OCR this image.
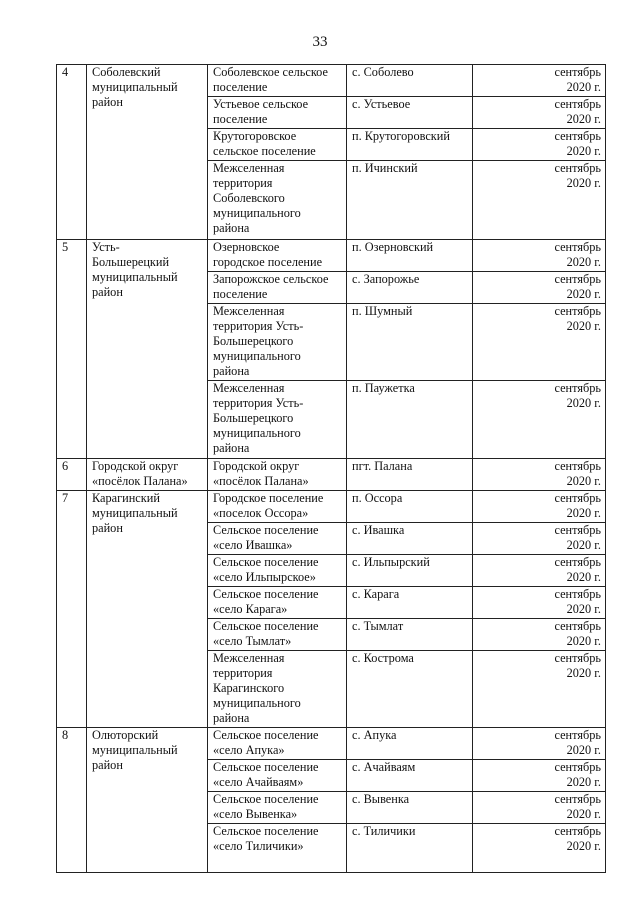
33
4	Соболевский
муниципальный
район	Соболевское сельское
поселение	с. Соболево	сентябрь
2020 г.
		Устьевое сельское
поселение	с. Устьевое	сентябрь
2020 г.
		Крутогоровское
сельское поселение	п. Крутогоровский	сентябрь
2020 г.
		Межселенная
территория
Соболевского
муниципального
района	п. Ичинский	сентябрь
2020 г.
5	Усть-
Большерецкий
муниципальный
район	Озерновское
городское поселение	п. Озерновский	сентябрь
2020 г.
		Запорожское сельское
поселение	с. Запорожье	сентябрь
2020 г.
		Межселенная
территория Усть-
Большерецкого
муниципального
района	п. Шумный	сентябрь
2020 г.
		Межселенная
территория Усть-
Большерецкого
муниципального
района	п. Паужетка	сентябрь
2020 г.
6	Городской округ
«посёлок Палана»	Городской округ
«посёлок Палана»	пгт. Палана	сентябрь
2020 г.
7	Карагинский
муниципальный
район	Городское поселение
«поселок Оссора»	п. Оссора	сентябрь
2020 г.
		Сельское поселение
«село Ивашка»	с. Ивашка	сентябрь
2020 г.
		Сельское поселение
«село Ильпырское»	с. Ильпырский	сентябрь
2020 г.
		Сельское поселение
«село Карага»	с. Карага	сентябрь
2020 г.
		Сельское поселение
«село Тымлат»	с. Тымлат	сентябрь
2020 г.
		Межселенная
территория
Карагинского
муниципального
района	с. Кострома	сентябрь
2020 г.
8	Олюторский
муниципальный
район	Сельское поселение
«село Апука»	с. Апука	сентябрь
2020 г.
		Сельское поселение
«село Ачайваям»	с. Ачайваям	сентябрь
2020 г.
		Сельское поселение
«село Вывенка»	с. Вывенка	сентябрь
2020 г.
		Сельское поселение
«село Тиличики»	с. Тиличики	сентябрь
2020 г.
